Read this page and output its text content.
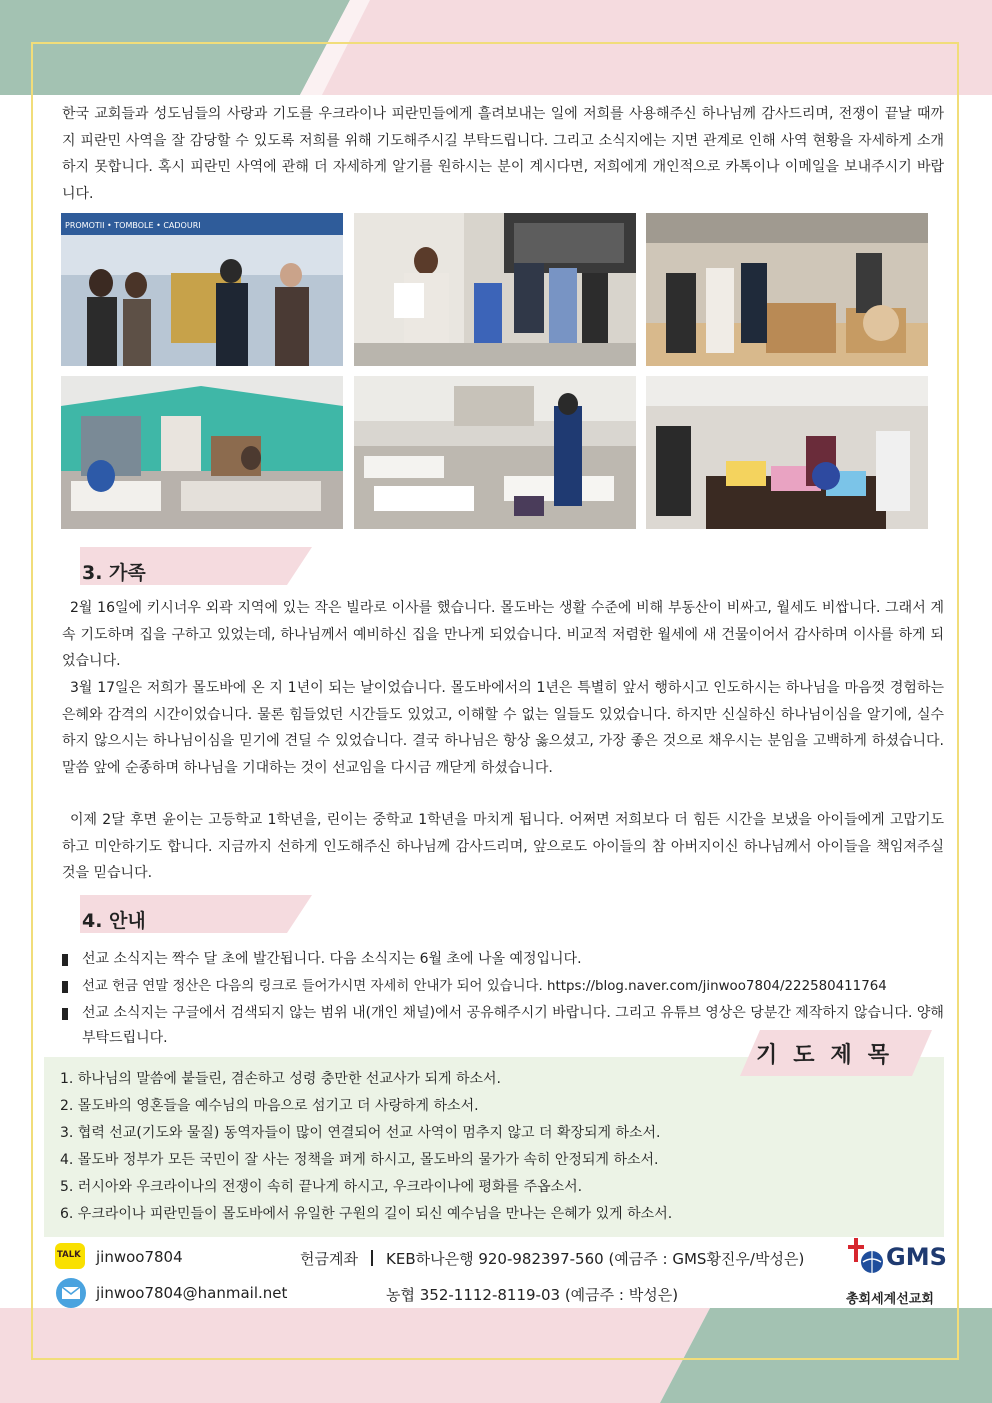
한국 교회들과 성도님들의 사랑과 기도를 우크라이나 피란민들에게 흘려보내는 일에 저희를 사용해주신 하나님께 감사드리며, 전쟁이 끝날 때까지 피란민 사역을 잘 감당할 수 있도록 저희를 위해 기도해주시길 부탁드립니다. 그리고 소식지에는 지면 관계로 인해 사역 현황을 자세하게 소개하지 못합니다. 혹시 피란민 사역에 관해 더 자세하게 알기를 원하시는 분이 계시다면, 저희에게 개인적으로 카톡이나 이메일을 보내주시기 바랍니다.

PROMOTII • TOMBOLE • CADOURI
3. 가족

2월 16일에 키시너우 외곽 지역에 있는 작은 빌라로 이사를 했습니다. 몰도바는 생활 수준에 비해 부동산이 비싸고, 월세도 비쌉니다. 그래서 계속 기도하며 집을 구하고 있었는데, 하나님께서 예비하신 집을 만나게 되었습니다. 비교적 저렴한 월세에 새 건물이어서 감사하며 이사를 하게 되었습니다.

3월 17일은 저희가 몰도바에 온 지 1년이 되는 날이었습니다. 몰도바에서의 1년은 특별히 앞서 행하시고 인도하시는 하나님을 마음껏 경험하는 은혜와 감격의 시간이었습니다. 물론 힘들었던 시간들도 있었고, 이해할 수 없는 일들도 있었습니다. 하지만 신실하신 하나님이심을 알기에, 실수하지 않으시는 하나님이심을 믿기에 견딜 수 있었습니다. 결국 하나님은 항상 옳으셨고, 가장 좋은 것으로 채우시는 분임을 고백하게 하셨습니다. 말씀 앞에 순종하며 하나님을 기대하는 것이 선교임을 다시금 깨닫게 하셨습니다.

이제 2달 후면 윤이는 고등학교 1학년을, 린이는 중학교 1학년을 마치게 됩니다. 어쩌면 저희보다 더 힘든 시간을 보냈을 아이들에게 고맙기도 하고 미안하기도 합니다. 지금까지 선하게 인도해주신 하나님께 감사드리며, 앞으로도 아이들의 참 아버지이신 하나님께서 아이들을 책임져주실 것을 믿습니다.

4. 안내
선교 소식지는 짝수 달 초에 발간됩니다. 다음 소식지는 6월 초에 나올 예정입니다.
선교 헌금 연말 정산은 다음의 링크로 들어가시면 자세히 안내가 되어 있습니다. https://blog.naver.com/jinwoo7804/222580411764
선교 소식지는 구글에서 검색되지 않는 범위 내(개인 채널)에서 공유해주시기 바랍니다. 그리고 유튜브 영상은 당분간 제작하지 않습니다. 양해 부탁드립니다.
기도제목
1. 하나님의 말씀에 붙들린, 겸손하고 성령 충만한 선교사가 되게 하소서.
2. 몰도바의 영혼들을 예수님의 마음으로 섬기고 더 사랑하게 하소서.
3. 협력 선교(기도와 물질) 동역자들이 많이 연결되어 선교 사역이 멈추지 않고 더 확장되게 하소서.
4. 몰도바 정부가 모든 국민이 잘 사는 정책을 펴게 하시고, 몰도바의 물가가 속히 안정되게 하소서.
5. 러시아와 우크라이나의 전쟁이 속히 끝나게 하시고, 우크라이나에 평화를 주옵소서.
6. 우크라이나 피란민들이 몰도바에서 유일한 구원의 길이 되신 예수님을 만나는 은혜가 있게 하소서.
TALK jinwoo7804
jinwoo7804@hanmail.net
헌금계좌 KEB하나은행 920-982397-560 (예금주 : GMS황진우/박성은)
농협 352-1112-8119-03 (예금주 : 박성은)
GMS
총회세계선교회
